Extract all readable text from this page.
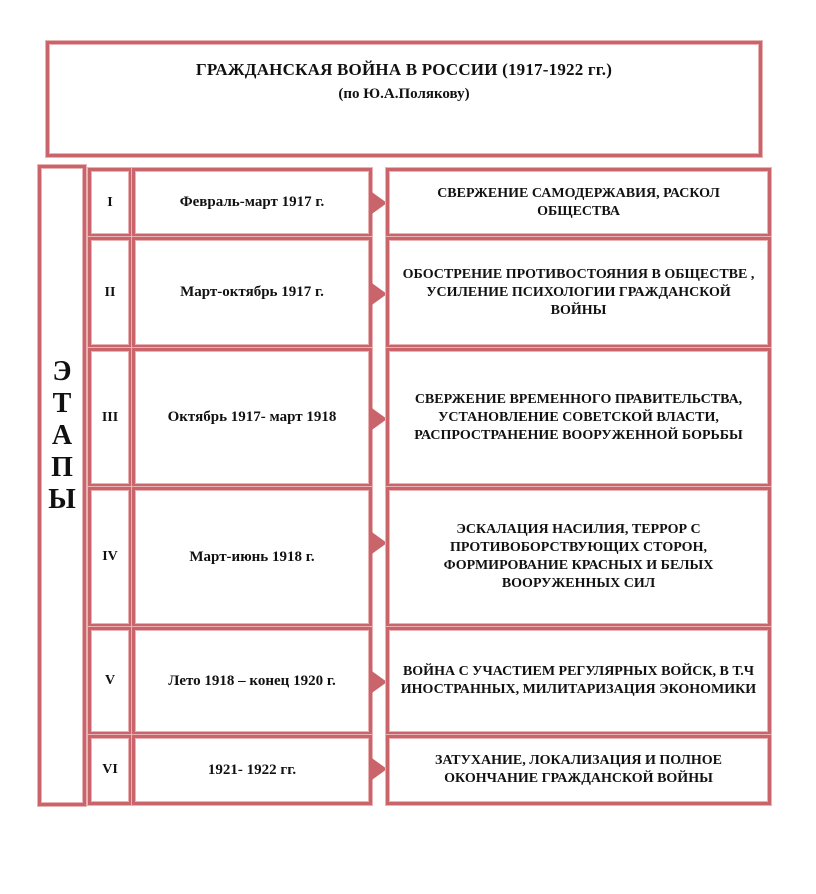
ГРАЖДАНСКАЯ ВОЙНА В РОССИИ (1917-1922 гг.)
(по Ю.А.Полякову)
Э
Т
А
П
Ы
I	Февраль-март 1917 г.
СВЕРЖЕНИЕ САМОДЕРЖАВИЯ, РАСКОЛ ОБЩЕСТВА
II	Март-октябрь 1917 г.
ОБОСТРЕНИЕ ПРОТИВОСТОЯНИЯ В ОБЩЕСТВЕ , УСИЛЕНИЕ ПСИХОЛОГИИ ГРАЖДАНСКОЙ ВОЙНЫ
III	Октябрь 1917- март 1918
СВЕРЖЕНИЕ ВРЕМЕННОГО ПРАВИТЕЛЬСТВА, УСТАНОВЛЕНИЕ СОВЕТСКОЙ ВЛАСТИ, РАСПРОСТРАНЕНИЕ ВООРУЖЕННОЙ БОРЬБЫ
IV	Март-июнь 1918 г.
ЭСКАЛАЦИЯ НАСИЛИЯ, ТЕРРОР С ПРОТИВОБОРСТВУЮЩИХ СТОРОН, ФОРМИРОВАНИЕ КРАСНЫХ И БЕЛЫХ ВООРУЖЕННЫХ СИЛ
V	Лето 1918 – конец 1920 г.
ВОЙНА С УЧАСТИЕМ РЕГУЛЯРНЫХ ВОЙСК, В Т.Ч ИНОСТРАННЫХ, МИЛИТАРИЗАЦИЯ ЭКОНОМИКИ
VI	1921- 1922 гг.
ЗАТУХАНИЕ, ЛОКАЛИЗАЦИЯ И ПОЛНОЕ ОКОНЧАНИЕ ГРАЖДАНСКОЙ ВОЙНЫ
